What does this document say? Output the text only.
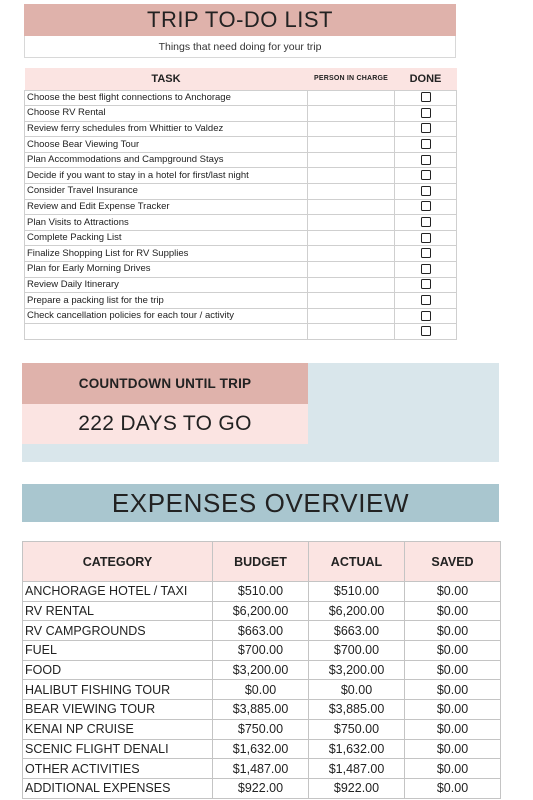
TRIP TO-DO LIST
Things that need doing for your trip
TASK	PERSON IN CHARGE	DONE
Choose the best flight connections to Anchorage		
Choose RV Rental		
Review ferry schedules from Whittier to Valdez		
Choose Bear Viewing Tour		
Plan Accommodations and Campground Stays		
Decide if you want to stay in a hotel for first/last night		
Consider Travel Insurance		
Review and Edit Expense Tracker		
Plan Visits to Attractions		
Complete Packing List		
Finalize Shopping List for RV Supplies		
Plan for Early Morning Drives		
Review Daily Itinerary		
Prepare a packing list for the trip		
Check cancellation policies for each tour / activity		

COUNTDOWN UNTIL TRIP
222 DAYS TO GO
EXPENSES OVERVIEW
CATEGORY	BUDGET	ACTUAL	SAVED
ANCHORAGE HOTEL / TAXI	$510.00	$510.00	$0.00
RV RENTAL	$6,200.00	$6,200.00	$0.00
RV CAMPGROUNDS	$663.00	$663.00	$0.00
FUEL	$700.00	$700.00	$0.00
FOOD	$3,200.00	$3,200.00	$0.00
HALIBUT FISHING TOUR	$0.00	$0.00	$0.00
BEAR VIEWING TOUR	$3,885.00	$3,885.00	$0.00
KENAI NP CRUISE	$750.00	$750.00	$0.00
SCENIC FLIGHT DENALI	$1,632.00	$1,632.00	$0.00
OTHER ACTIVITIES	$1,487.00	$1,487.00	$0.00
ADDITIONAL EXPENSES	$922.00	$922.00	$0.00
